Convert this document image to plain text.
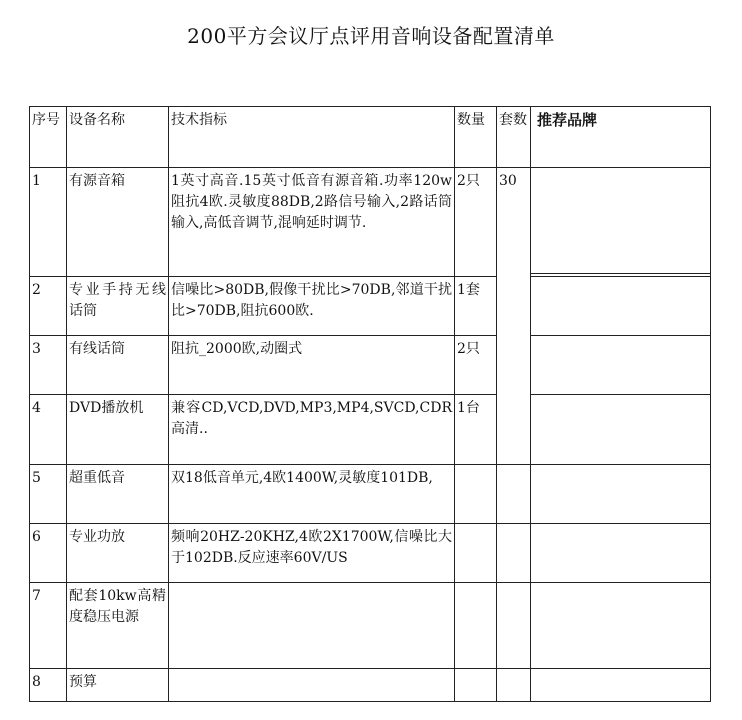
200平方会议厅点评用音响设备配置清单
序号	设备名称	技术指标	数量	套数	推荐品牌
1	有源音箱	1英寸高音.15英寸低音有源音箱.功率120w阻抗4欧.灵敏度88DB,2路信号输入,2路话筒输入,高低音调节,混响延时调节.	2只	30	

2	专业手持无线话筒	信噪比>80DB,假像干扰比>70DB,邻道干扰比>70DB,阻抗600欧.	1套		
3	有线话筒	阻抗_2000欧,动圈式	2只		
4	DVD播放机	兼容CD,VCD,DVD,MP3,MP4,SVCD,CDR高清..	1台		
5	超重低音	双18低音单元,4欧1400W,灵敏度101DB,			
6	专业功放	频响20HZ-20KHZ,4欧2X1700W,信噪比大于102DB.反应速率60V/US			
7	配套10kw高精度稳压电源				
8	预算				
